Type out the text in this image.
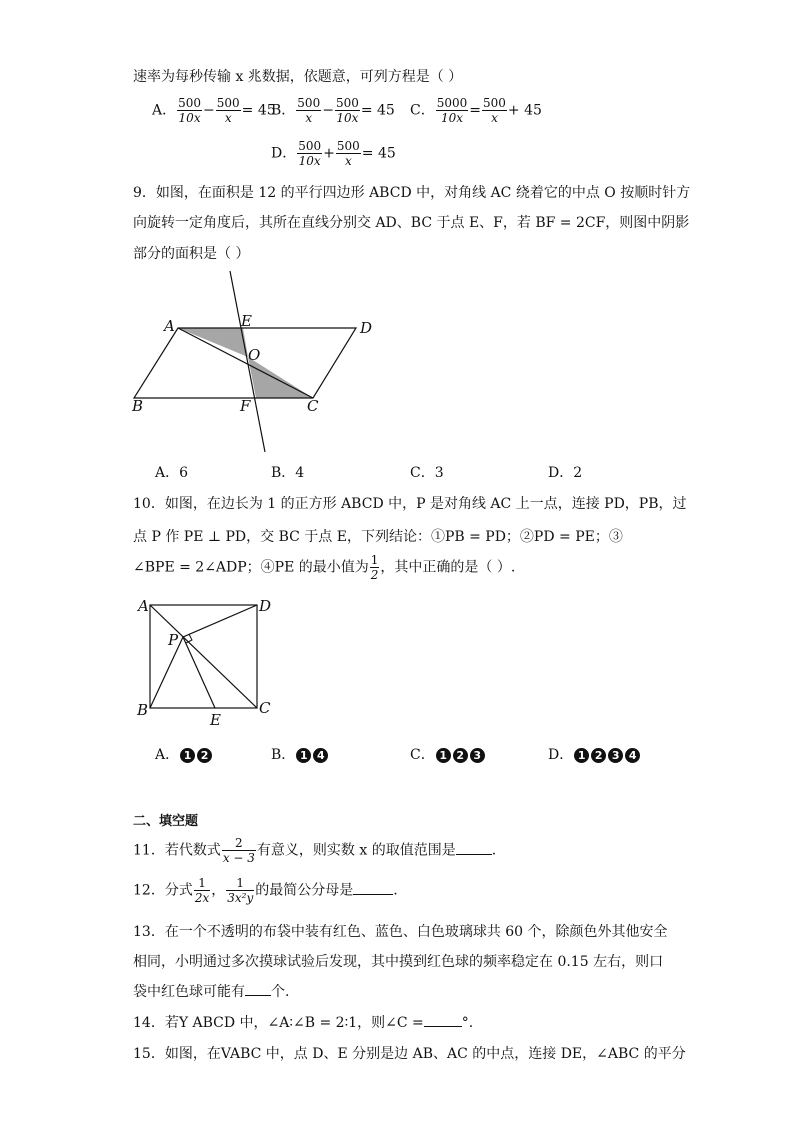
速率为每秒传输 x 兆数据，依题意，可列方程是（ ）
A． $\frac{500}{10x} - \frac{500}{x} = 45$
B． $\frac{500}{x} - \frac{500}{10x} = 45$ C． $\frac{5000}{10x} = \frac{500}{x} + 45$
D． $\frac{500}{10x} + \frac{500}{x} = 45$
9．如图，在面积是 12 的平行四边形 ABCD 中，对角线 AC 绕着它的中点 O 按顺时针方
向旋转一定角度后，其所在直线分别交 AD、BC 于点 E、F，若 BF = 2CF，则图中阴影
部分的面积是（ ）
A	D
E
O
B	F	C
A．6	B．4	C．3	D．2
10．如图，在边长为 1 的正方形 ABCD 中，P 是对角线 AC 上一点，连接 PD，PB，过
点 P 作 PE ⊥ PD，交 BC 于点 E，下列结论：①PB = PD；②PD = PE；③
∠BPE = 2∠ADP；④PE 的最小值为 $\frac{1}{2}$ ，其中正确的是（ ）.
A	D
P
B	C
E
A． 1 2	B． 1 4	C． 1 2 3	D． 1 2 3 4
二、填空题
11．若代数式 $\frac{2}{x - 3}$ 有意义，则实数 x 的取值范围是	.
12．分式 $\frac{1}{2x}$ ， $\frac{1}{\text{3x²y}}$ 的最简公分母是	.
13．在一个不透明的布袋中装有红色、蓝色、白色玻璃球共 60 个，除颜色外其他安全
相同，小明通过多次摸球试验后发现，其中摸到红色球的频率稳定在 0.15 左右，则口
袋中红色球可能有 个.
14．若Y ABCD 中，∠A∶∠B = 2∶1，则∠C =	°.
15．如图，在VABC 中，点 D、E 分别是边 AB、AC 的中点，连接 DE，∠ABC 的平分
